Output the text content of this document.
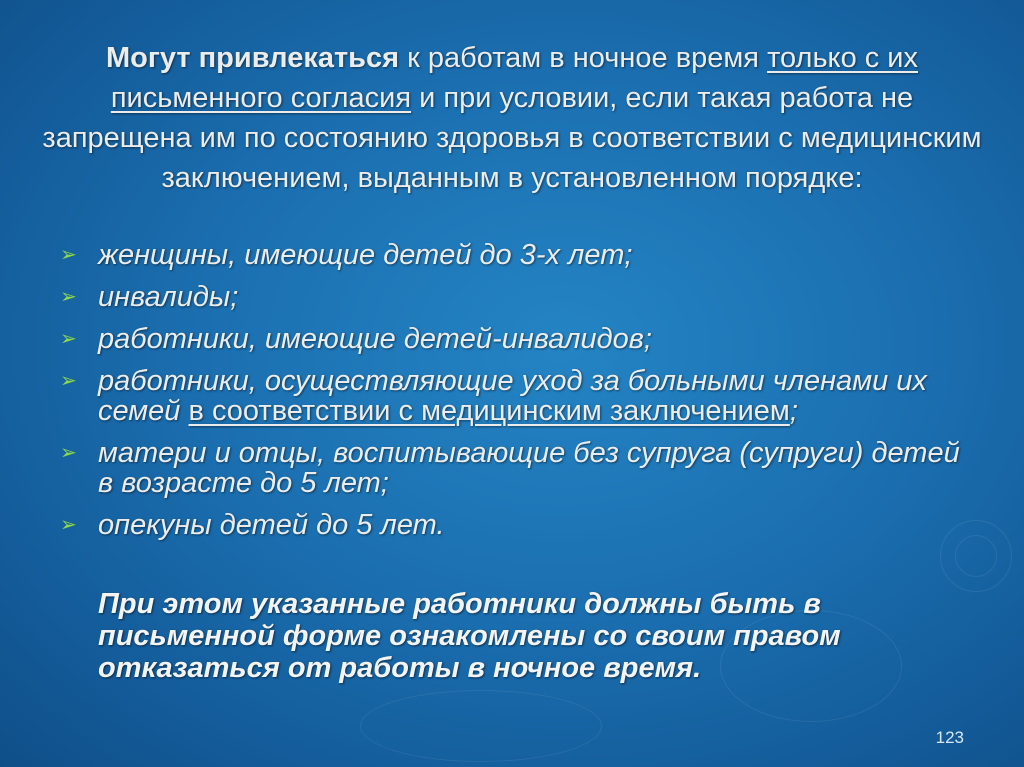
Могут привлекаться к работам в ночное время только с их письменного согласия и при условии, если такая работа не запрещена им по состоянию здоровья в соответствии с медицинским заключением, выданным в установленном порядке:
➢ женщины, имеющие детей до 3-х лет;
➢ инвалиды;
➢ работники, имеющие детей-инвалидов;
➢ работники, осуществляющие уход за больными членами их семей в соответствии с медицинским заключением;
➢ матери и отцы, воспитывающие без супруга (супруги) детей в возрасте до 5 лет;
➢ опекуны детей до 5 лет.
При этом указанные работники должны быть в письменной форме ознакомлены со своим правом отказаться от работы в ночное время.
123
